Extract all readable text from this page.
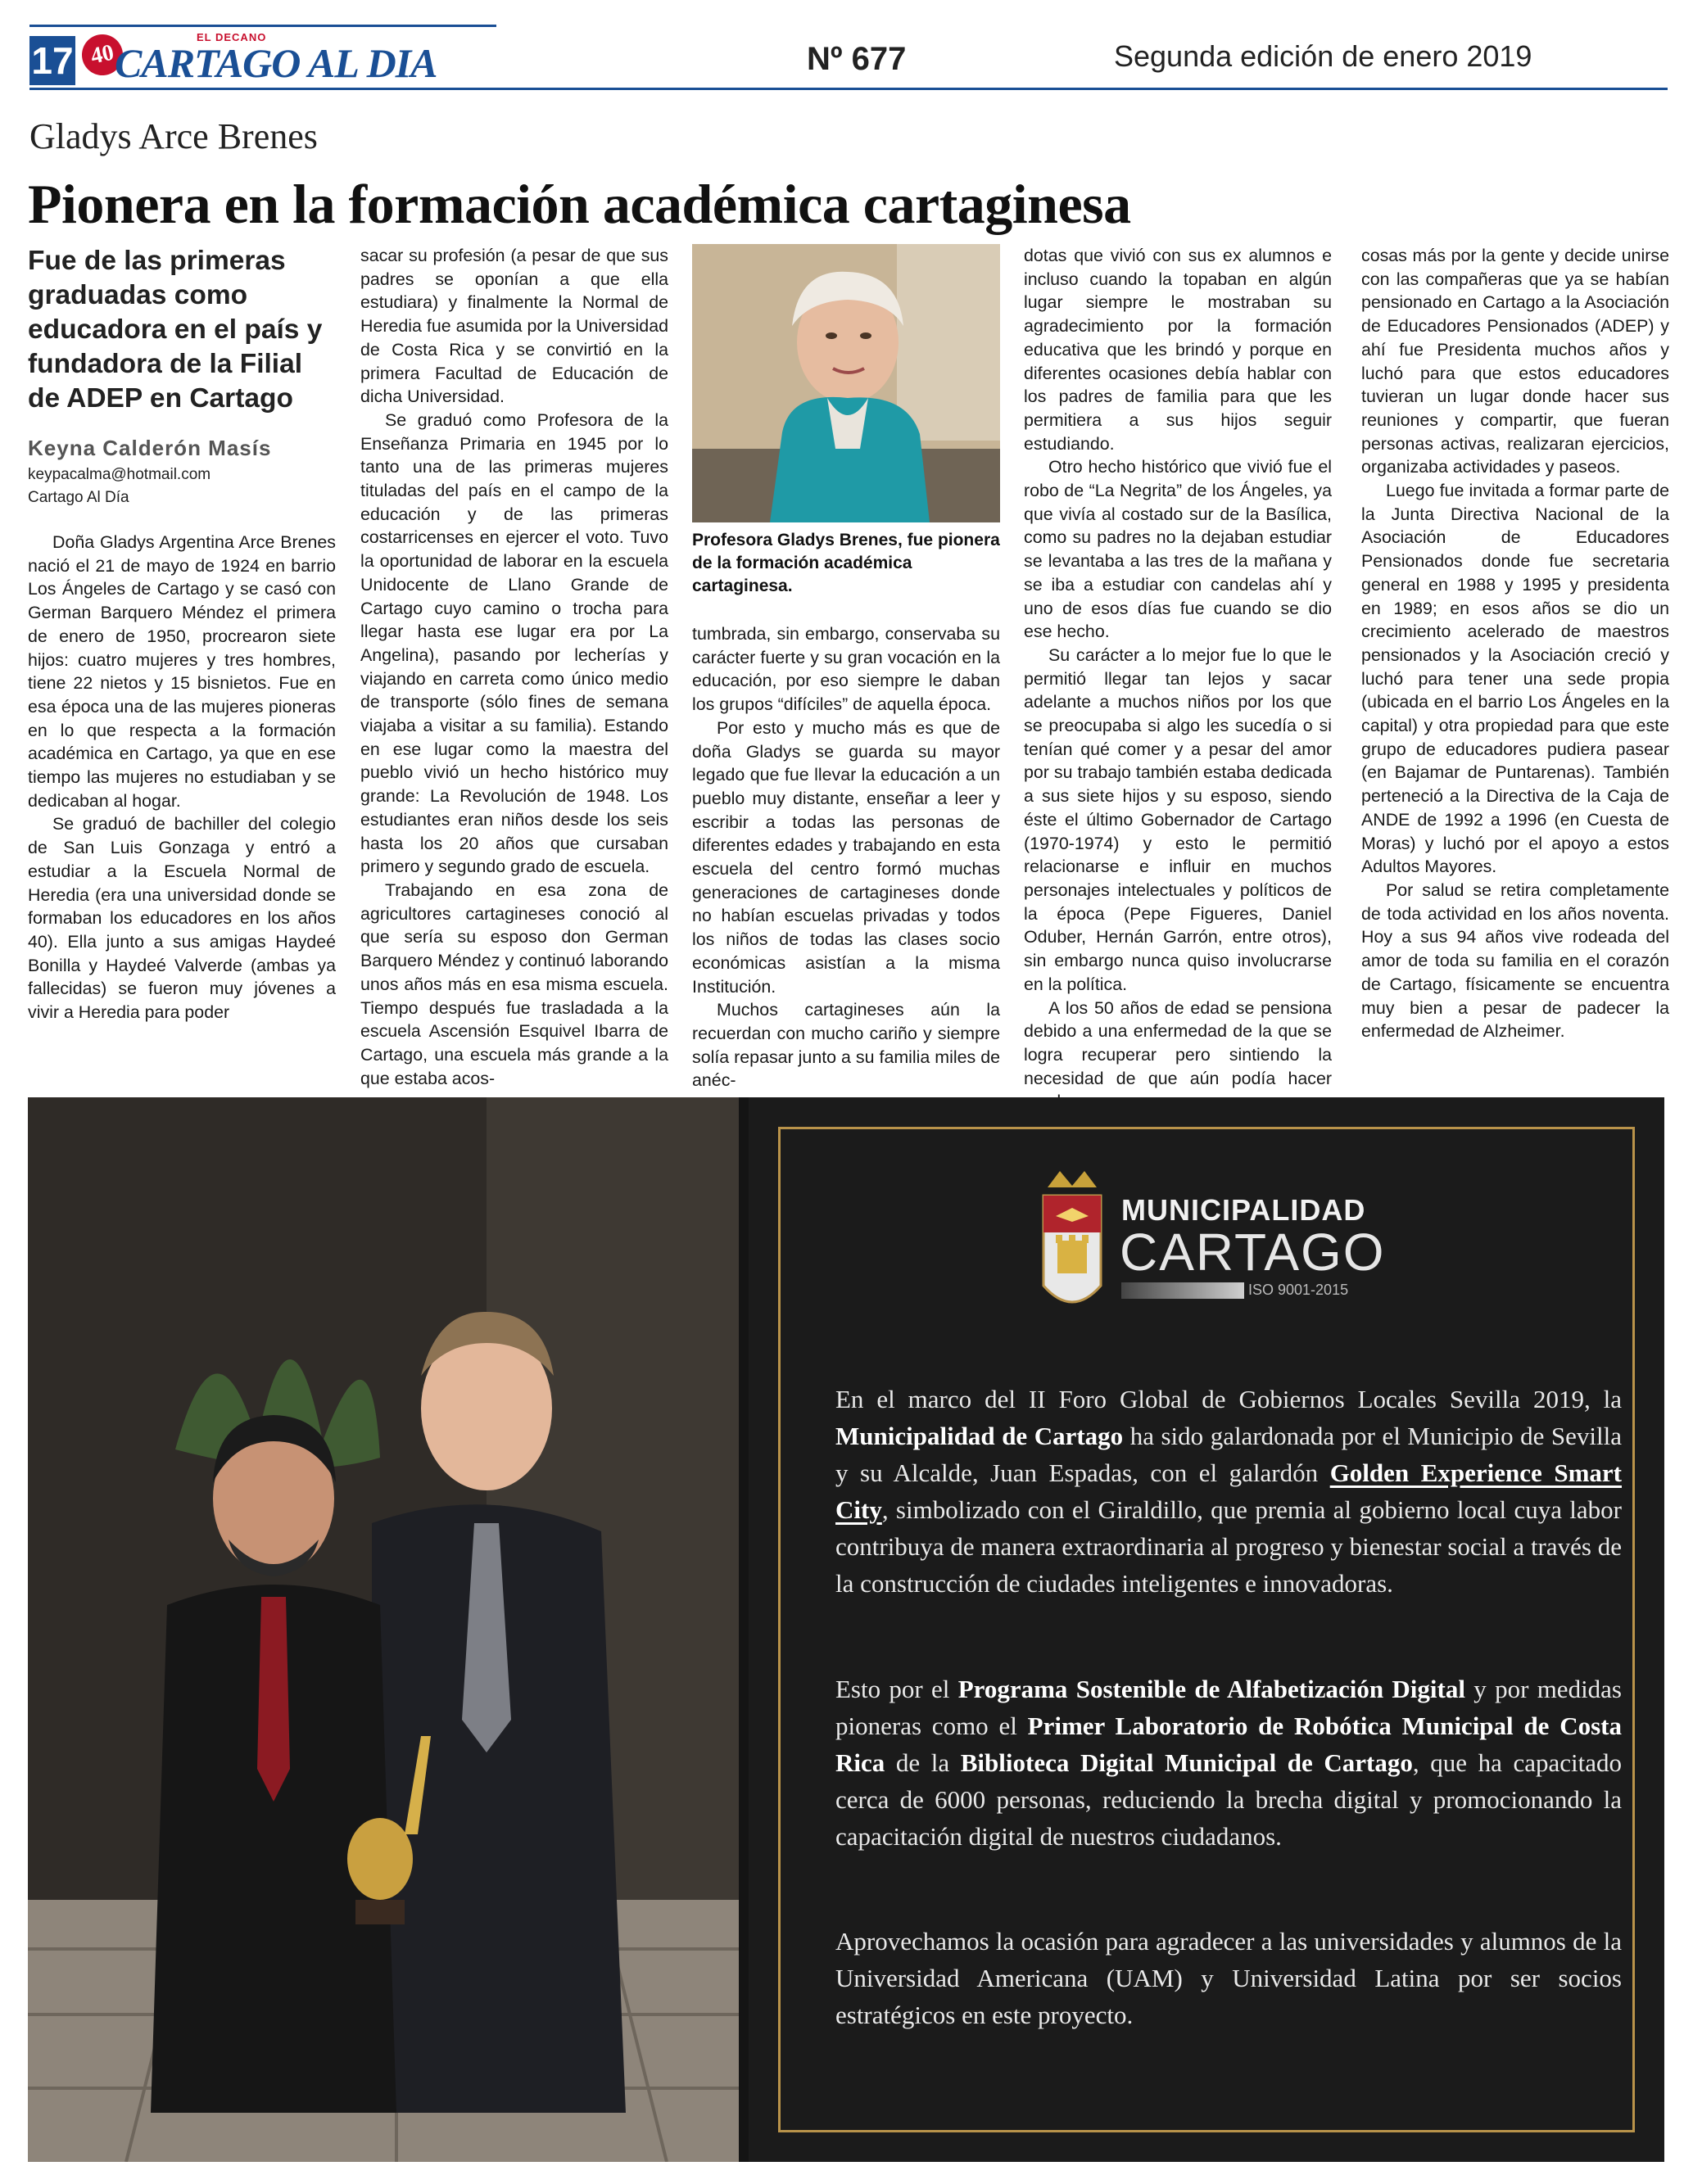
17
EL DECANO
40
CARTAGO AL DIA	Nº 677	Segunda edición de enero 2019
Gladys Arce Brenes
Pionera en la formación académica cartaginesa
Fue de las primeras graduadas como educadora en el país y fundadora de la Filial de ADEP en Cartago
Keyna Calderón Masís
keypacalma@hotmail.com
Cartago Al Día

Doña Gladys Argentina Arce Brenes nació el 21 de mayo de 1924 en barrio Los Ángeles de Cartago y se casó con German Barquero Méndez el primera de enero de 1950, procrearon siete hijos: cuatro mujeres y tres hombres, tiene 22 nietos y 15 bisnietos. Fue en esa época una de las mujeres pioneras en lo que respecta a la formación académica en Cartago, ya que en ese tiempo las mujeres no estudiaban y se dedicaban al hogar.

Se graduó de bachiller del colegio de San Luis Gonzaga y entró a estudiar a la Escuela Normal de Heredia (era una universidad donde se formaban los educadores en los años 40). Ella junto a sus amigas Haydeé Bonilla y Haydeé Valverde (ambas ya fallecidas) se fueron muy jóvenes a vivir a Heredia para poder

sacar su profesión (a pesar de que sus padres se oponían a que ella estudiara) y finalmente la Normal de Heredia fue asumida por la Universidad de Costa Rica y se convirtió en la primera Facultad de Educación de dicha Universidad.

Se graduó como Profesora de la Enseñanza Primaria en 1945 por lo tanto una de las primeras mujeres tituladas del país en el campo de la educación y de las primeras costarricenses en ejercer el voto. Tuvo la oportunidad de laborar en la escuela Unidocente de Llano Grande de Cartago cuyo camino o trocha para llegar hasta ese lugar era por La Angelina), pasando por lecherías y viajando en carreta como único medio de transporte (sólo fines de semana viajaba a visitar a su familia). Estando en ese lugar como la maestra del pueblo vivió un hecho histórico muy grande: La Revolución de 1948. Los estudiantes eran niños desde los seis hasta los 20 años que cursaban primero y segundo grado de escuela.

Trabajando en esa zona de agricultores cartagineses conoció al que sería su esposo don German Barquero Méndez y continuó laborando unos años más en esa misma escuela. Tiempo después fue trasladada a la escuela Ascensión Esquivel Ibarra de Cartago, una escuela más grande a la que estaba acos-

Profesora Gladys Brenes, fue pionera de la formación académica cartaginesa.

tumbrada, sin embargo, conservaba su carácter fuerte y su gran vocación en la educación, por eso siempre le daban los grupos “difíciles” de aquella época.

Por esto y mucho más es que de doña Gladys se guarda su mayor legado que fue llevar la educación a un pueblo muy distante, enseñar a leer y escribir a todas las personas de diferentes edades y trabajando en esta escuela del centro formó muchas generaciones de cartagineses donde no habían escuelas privadas y todos los niños de todas las clases socio económicas asistían a la misma Institución.

Muchos cartagineses aún la recuerdan con mucho cariño y siempre solía repasar junto a su familia miles de anéc-

dotas que vivió con sus ex alumnos e incluso cuando la topaban en algún lugar siempre le mostraban su agradecimiento por la formación educativa que les brindó y porque en diferentes ocasiones debía hablar con los padres de familia para que les permitiera a sus hijos seguir estudiando.

Otro hecho histórico que vivió fue el robo de “La Negrita” de los Ángeles, ya que vivía al costado sur de la Basílica, como su padres no la dejaban estudiar se levantaba a las tres de la mañana y se iba a estudiar con candelas ahí y uno de esos días fue cuando se dio ese hecho.

Su carácter a lo mejor fue lo que le permitió llegar tan lejos y sacar adelante a muchos niños por los que se preocupaba si algo les sucedía o si tenían qué comer y a pesar del amor por su trabajo también estaba dedicada a sus siete hijos y su esposo, siendo éste el último Gobernador de Cartago (1970-1974) y esto le permitió relacionarse e influir en muchos personajes intelectuales y políticos de la época (Pepe Figueres, Daniel Oduber, Hernán Garrón, entre otros), sin embargo nunca quiso involucrarse en la política.

A los 50 años de edad se pensiona debido a una enfermedad de la que se logra recuperar pero sintiendo la necesidad de que aún podía hacer

cosas más por la gente y decide unirse con las compañeras que ya se habían pensionado en Cartago a la Asociación de Educadores Pensionados (ADEP) y ahí fue Presidenta muchos años y luchó para que estos educadores tuvieran un lugar donde hacer sus reuniones y compartir, que fueran personas activas, realizaran ejercicios, organizaba actividades y paseos.

Luego fue invitada a formar parte de la Junta Directiva Nacional de la Asociación de Educadores Pensionados donde fue secretaria general en 1988 y 1995 y presidenta en 1989; en esos años se dio un crecimiento acelerado de maestros pensionados y la Asociación creció y luchó para tener una sede propia (ubicada en el barrio Los Ángeles en la capital) y otra propiedad para que este grupo de educadores pudiera pasear (en Bajamar de Puntarenas). También perteneció a la Directiva de la Caja de ANDE de 1992 a 1996 (en Cuesta de Moras) y luchó por el apoyo a estos Adultos Mayores.

Por salud se retira completamente de toda actividad en los años noventa. Hoy a sus 94 años vive rodeada del amor de toda su familia en el corazón de Cartago, físicamente se encuentra muy bien a pesar de padecer la enfermedad de Alzheimer.

MUNICIPALIDAD
CARTAGO
ISO 9001-2015
En el marco del II Foro Global de Gobiernos Locales Sevilla 2019, la Municipalidad de Cartago ha sido galardonada por el Municipio de Sevilla y su Alcalde, Juan Espadas, con el galardón Golden Experience Smart City, simbolizado con el Giraldillo, que premia al gobierno local cuya labor contribuya de manera extraordinaria al progreso y bienestar social a través de la construcción de ciudades inteligentes e innovadoras.
Esto por el Programa Sostenible de Alfabetización Digital y por medidas pioneras como el Primer Laboratorio de Robótica Municipal de Costa Rica de la Biblioteca Digital Municipal de Cartago, que ha capacitado cerca de 6000 personas, reduciendo la brecha digital y promocionando la capacitación digital de nuestros ciudadanos.
Aprovechamos la ocasión para agradecer a las universidades y alumnos de la Universidad Americana (UAM) y Universidad Latina por ser socios estratégicos en este proyecto.
